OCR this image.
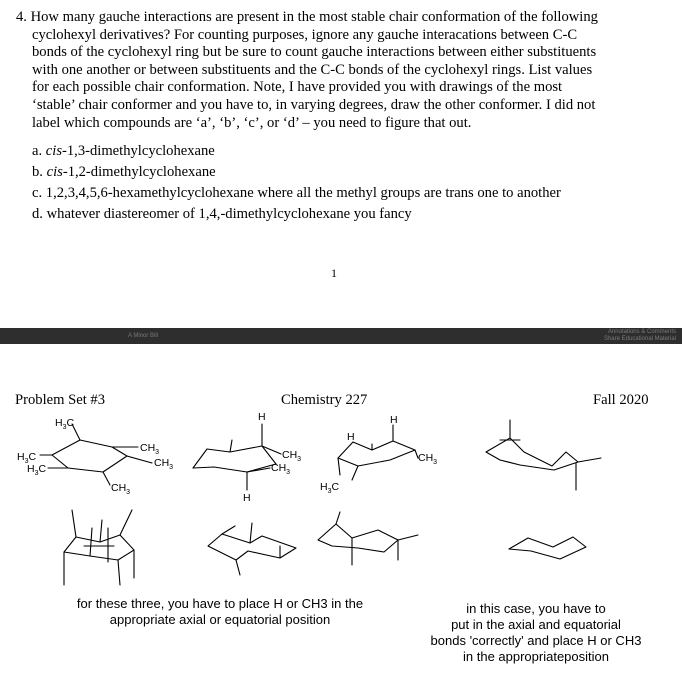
4. How many gauche interactions are present in the most stable chair conformation of the following

cyclohexyl derivatives? For counting purposes, ignore any gauche interacations between C-C

bonds of the cyclohexyl ring but be sure to count gauche interactions between either substituents

with one another or between substituents and the C-C bonds of the cyclohexyl rings. List values

for each possible chair conformation. Note, I have provided you with drawings of the most

‘stable’ chair conformer and you have to, in varying degrees, draw the other conformer. I did not

label which compounds are ‘a’, ‘b’, ‘c’, or ‘d’ – you need to figure that out.

a. cis-1,3-dimethylcyclohexane
b. cis-1,2-dimethylcyclohexane
c. 1,2,3,4,5,6-hexamethylcyclohexane where all the methyl groups are trans one to another
d. whatever diastereomer of 1,4,-dimethylcyclohexane you fancy
1
A Minor Bill
Annotations & Comments
Share Educational Material
Problem Set #3	Chemistry 227	Fall 2020
$H_3C$
$H_3C$
$H_3C$
$CH_3$
$CH_3$
$CH_3$
H
H
$CH_3$
$CH_3$
H
H
$H_3C$
$CH_3$
for these three, you have to place H or CH3 in the
appropriate axial or equatorial position
in this case, you have to
put in the axial and equatorial
bonds 'correctly' and place H or CH3
in the appropriateposition
